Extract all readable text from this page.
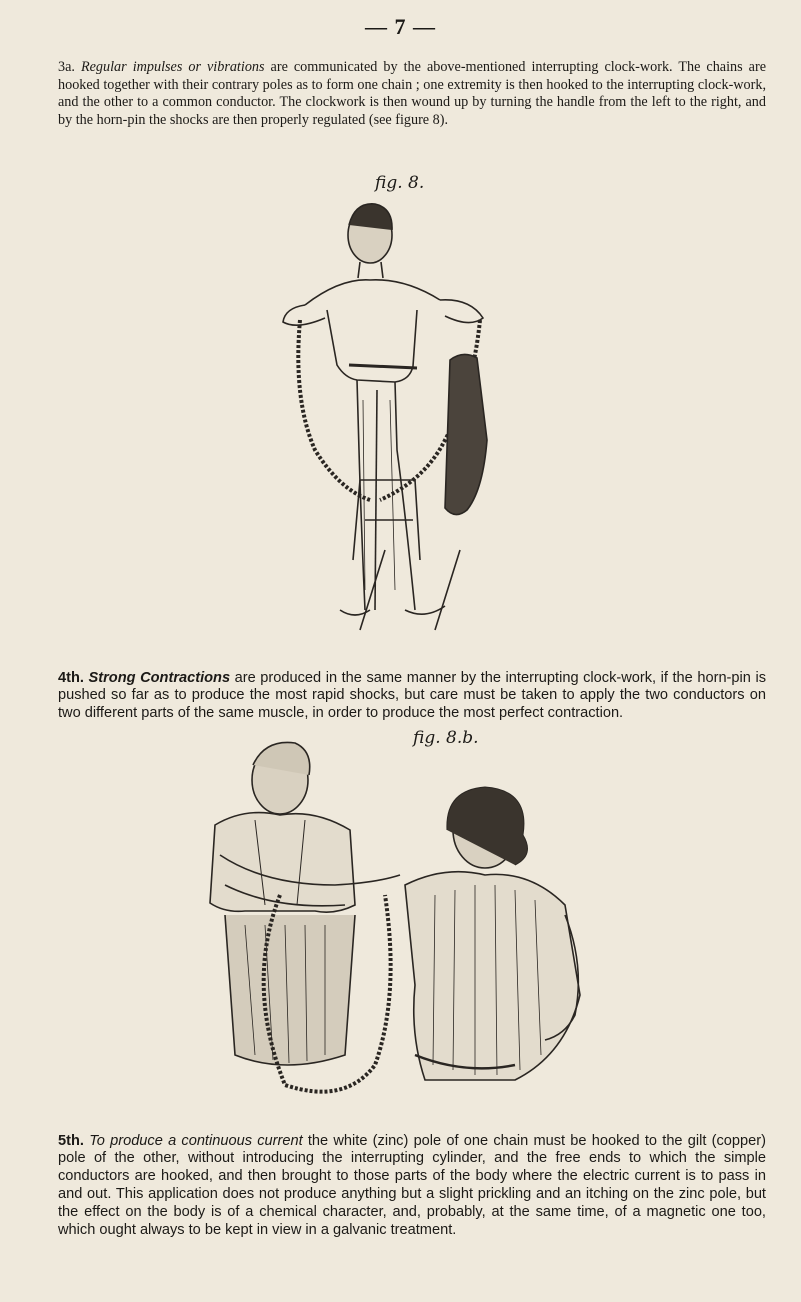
— 7 —

3a. Regular impulses or vibrations are communicated by the above-mentioned interrupting clock-work. The chains are hooked together with their contrary poles as to form one chain ; one extremity is then hooked to the interrupting clock-work, and the other to a common conductor. The clockwork is then wound up by turning the handle from the left to the right, and by the horn-pin the shocks are then properly regulated (see figure 8).

fig. 8.

4th. Strong Contractions are produced in the same manner by the interrupting clock-work, if the horn-pin is pushed so far as to produce the most rapid shocks, but care must be taken to apply the two conductors on two different parts of the same muscle, in order to produce the most perfect contraction.

fig. 8.b.

5th. To produce a continuous current the white (zinc) pole of one chain must be hooked to the gilt (copper) pole of the other, without introducing the interrupting cylinder, and the free ends to which the simple conductors are hooked, and then brought to those parts of the body where the electric current is to pass in and out. This application does not produce anything but a slight prickling and an itching on the zinc pole, but the effect on the body is of a chemical character, and, probably, at the same time, of a magnetic one too, which ought always to be kept in view in a galvanic treatment.
